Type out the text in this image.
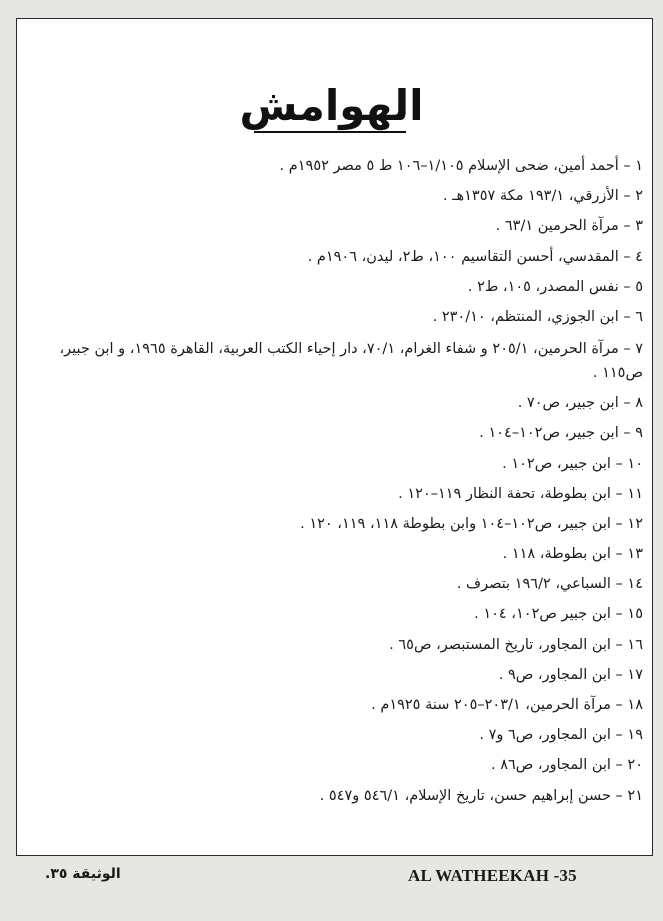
الهوامش
١ – أحمد أمين، ضحى الإسلام ١/١٠٥–١٠٦ ط ٥ مصر ١٩٥٢م .
٢ – الأزرقي، ١٩٣/١ مكة ١٣٥٧هـ .
٣ – مرآة الحرمين ٦٣/١ .
٤ – المقدسي، أحسن التقاسيم ١٠٠، ط٢، ليدن، ١٩٠٦م .
٥ – نفس المصدر، ١٠٥، ط٢ .
٦ – ابن الجوزي، المنتظم، ٢٣٠/١٠ .
٧ – مرآة الحرمين، ٢٠٥/١ و شفاء الغرام، ٧٠/١، دار إحياء الكتب العربية، القاهرة ١٩٦٥، و ابن جبير، ص١١٥ .
٨ – ابن جبير، ص٧٠ .
٩ – ابن جبير، ص١٠٢–١٠٤ .
١٠ – ابن جبير، ص١٠٢ .
١١ – ابن بطوطة، تحفة النظار ١١٩–١٢٠ .
١٢ – ابن جبير، ص١٠٢–١٠٤ وابن بطوطة ١١٨، ١١٩، ١٢٠ .
١٣ – ابن بطوطة، ١١٨ .
١٤ – السباعي، ١٩٦/٢ بتصرف .
١٥ – ابن جبير ص١٠٢، ١٠٤ .
١٦ – ابن المجاور، تاريخ المستبصر، ص٦٥ .
١٧ – ابن المجاور، ص٩ .
١٨ – مرآة الحرمين، ٢٠٣/١–٢٠٥ سنة ١٩٢٥م .
١٩ – ابن المجاور، ص٦ و٧ .
٢٠ – ابن المجاور، ص٨٦ .
٢١ – حسن إبراهيم حسن، تاريخ الإسلام، ٥٤٦/١ و٥٤٧ .
AL WATHEEKAH -35
الوثيقة ٣٥.
